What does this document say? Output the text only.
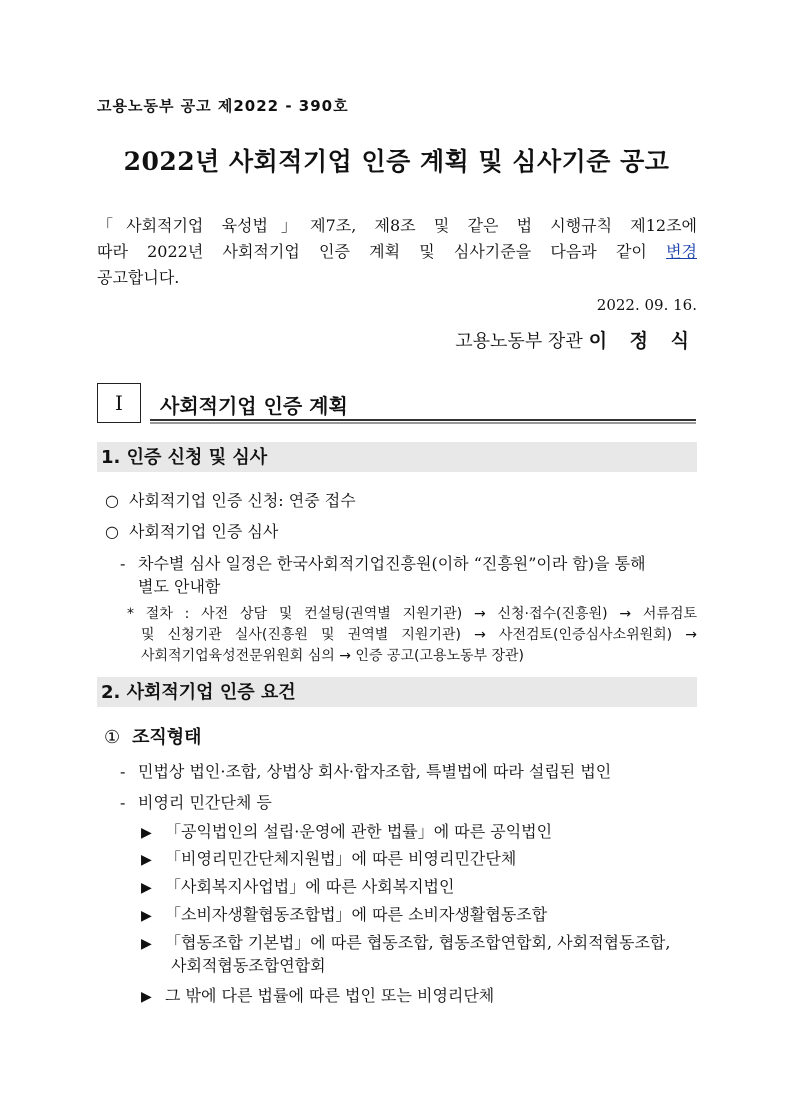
고용노동부 공고 제2022 - 390호
2022년 사회적기업 인증 계획 및 심사기준 공고
「사회적기업 육성법」제7조, 제8조 및 같은 법 시행규칙 제12조에
따라 2022년 사회적기업 인증 계획 및 심사기준을 다음과 같이 변경
공고합니다.
2022. 09. 16.
고용노동부 장관 이 정 식
Ⅰ	사회적기업 인증 계획
1. 인증 신청 및 심사
○ 사회적기업 인증 신청: 연중 접수
○ 사회적기업 인증 심사
- 차수별 심사 일정은 한국사회적기업진흥원(이하 “진흥원”이라 함)을 통해
별도 안내함
* 절차 : 사전 상담 및 컨설팅(권역별 지원기관) → 신청·접수(진흥원) → 서류검토
및 신청기관 실사(진흥원 및 권역별 지원기관) → 사전검토(인증심사소위원회) →
사회적기업육성전문위원회 심의 → 인증 공고(고용노동부 장관)
2. 사회적기업 인증 요건
① 조직형태
- 민법상 법인·조합, 상법상 회사·합자조합, 특별법에 따라 설립된 법인
- 비영리 민간단체 등
▶ 「공익법인의 설립·운영에 관한 법률」에 따른 공익법인
▶ 「비영리민간단체지원법」에 따른 비영리민간단체
▶ 「사회복지사업법」에 따른 사회복지법인
▶ 「소비자생활협동조합법」에 따른 소비자생활협동조합
▶ 「협동조합 기본법」에 따른 협동조합, 협동조합연합회, 사회적협동조합,
사회적협동조합연합회
▶ 그 밖에 다른 법률에 따른 법인 또는 비영리단체
